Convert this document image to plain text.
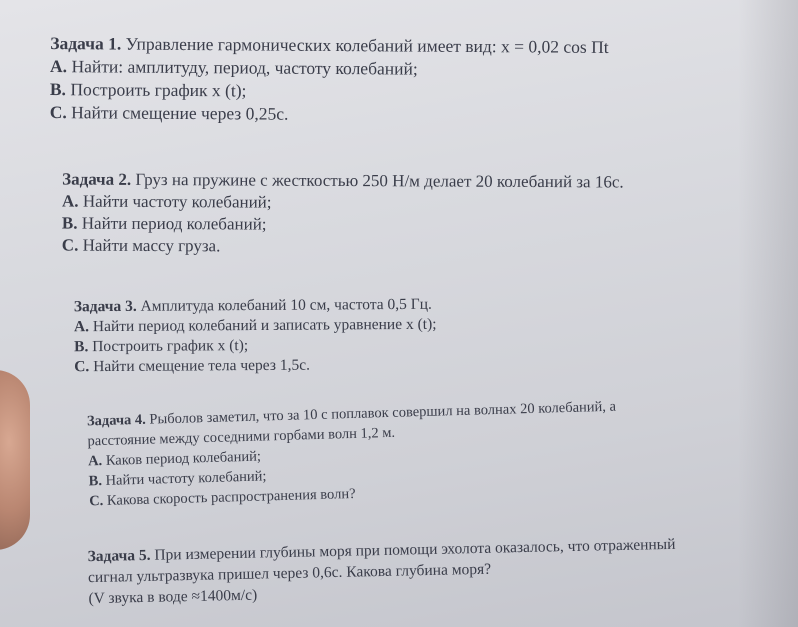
Задача 1. Управление гармонических колебаний имеет вид: x = 0,02 cos Пt
А. Найти: амплитуду, период, частоту колебаний;
В. Построить график x (t);
С. Найти смещение через 0,25с.
Задача 2. Груз на пружине с жесткостью 250 Н/м делает 20 колебаний за 16с.
А. Найти частоту колебаний;
В. Найти период колебаний;
С. Найти массу груза.
Задача 3. Амплитуда колебаний 10 см, частота 0,5 Гц.
А. Найти период колебаний и записать уравнение x (t);
В. Построить график x (t);
С. Найти смещение тела через 1,5с.
Задача 4. Рыболов заметил, что за 10 с поплавок совершил на волнах 20 колебаний, а
расстояние между соседними горбами волн 1,2 м.
А. Каков период колебаний;
В. Найти частоту колебаний;
С. Какова скорость распространения волн?
Задача 5. При измерении глубины моря при помощи эхолота оказалось, что отраженный
сигнал ультразвука пришел через 0,6с. Какова глубина моря?
(V звука в воде ≈1400м/с)
